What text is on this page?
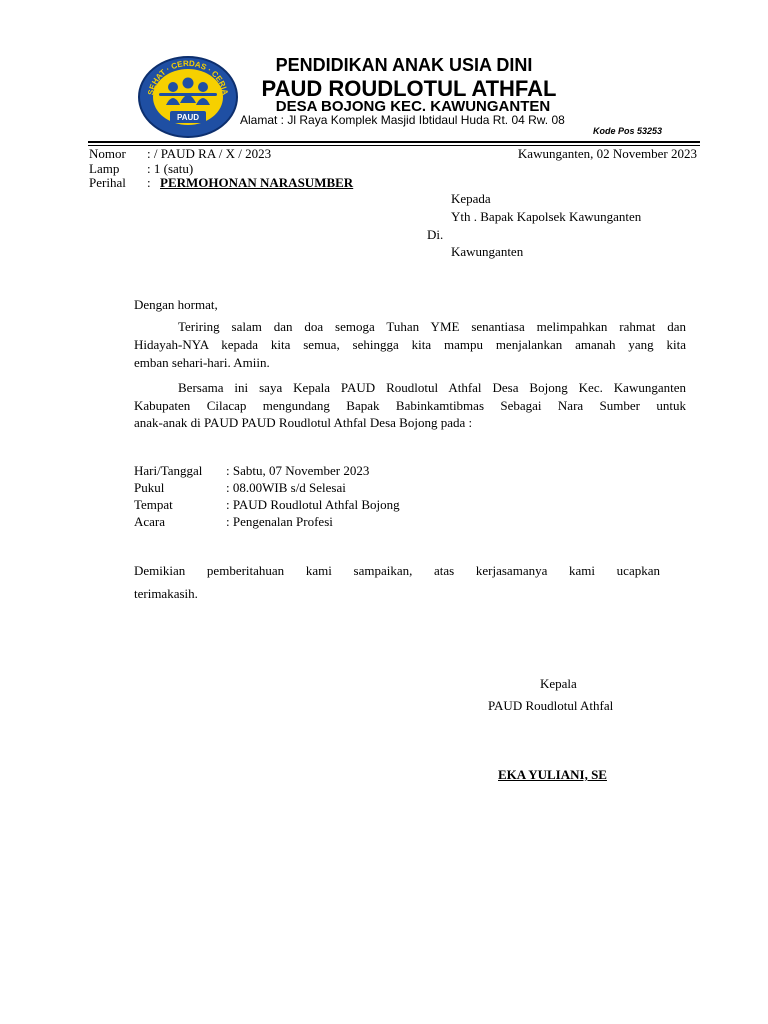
SEHAT · CERDAS · CERIA
PAUD
PENDIDIKAN ANAK USIA DINI
PAUD ROUDLOTUL ATHFAL
DESA BOJONG KEC. KAWUNGANTEN
Alamat : Jl Raya Komplek Masjid Ibtidaul Huda Rt. 04 Rw. 08
Kode Pos 53253
Nomor : / PAUD RA / X / 2023	Kawunganten, 02 November 2023
Lamp : 1 (satu)
Perihal : PERMOHONAN NARASUMBER
Kepada
Yth . Bapak Kapolsek Kawunganten
Di.
Kawunganten
Dengan hormat,
Teriring salam dan doa semoga Tuhan YME senantiasa melimpahkan rahmat dan
Hidayah-NYA kepada kita semua, sehingga kita mampu menjalankan amanah yang kita
emban sehari-hari. Amiin.
Bersama ini saya Kepala PAUD Roudlotul Athfal Desa Bojong Kec. Kawunganten
Kabupaten Cilacap mengundang Bapak Babinkamtibmas Sebagai Nara Sumber untuk
anak-anak di PAUD PAUD Roudlotul Athfal Desa Bojong pada :
Hari/Tanggal : Sabtu, 07 November 2023
Pukul	: 08.00WIB s/d Selesai
Tempat	: PAUD Roudlotul Athfal Bojong
Acara	: Pengenalan Profesi
Demikian pemberitahuan kami sampaikan, atas kerjasamanya kami ucapkan
terimakasih.
Kepala
PAUD Roudlotul Athfal
EKA YULIANI, SE
